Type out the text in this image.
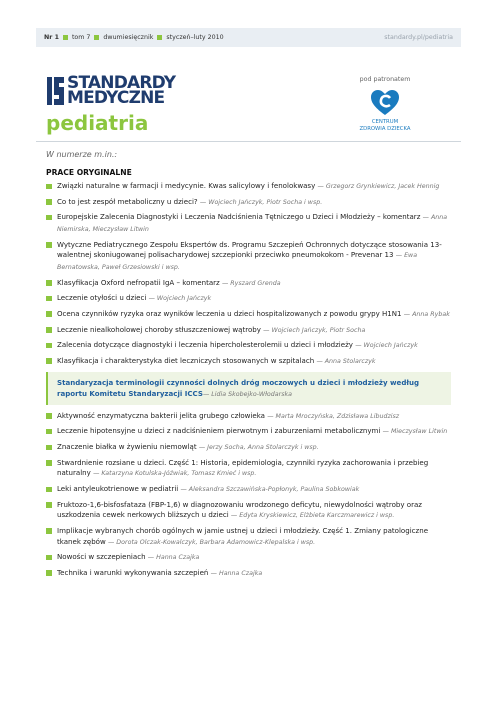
Nr 1 tom 7 dwumiesięcznik styczeń–luty 2010	standardy.pl/pediatria
STANDARDY
MEDYCZNE
pediatria
pod patronatem
CENTRUM
ZDROWIA DZIECKA
W numerze m.in.:
PRACE ORYGINALNE
Związki naturalne w farmacji i medycynie. Kwas salicylowy i fenolokwasy — Grzegorz Grynkiewicz, Jacek Hennig
Co to jest zespół metaboliczny u dzieci? — Wojciech Jańczyk, Piotr Socha i wsp.
Europejskie Zalecenia Diagnostyki i Leczenia Nadciśnienia Tętniczego u Dzieci i Młodzieży – komentarz — Anna Niemirska, Mieczysław Litwin
Wytyczne Pediatrycznego Zespołu Ekspertów ds. Programu Szczepień Ochronnych dotyczące stosowania 13-walentnej skoniugowanej polisacharydowej szczepionki przeciwko pneumokokom - Prevenar 13 — Ewa Bernatowska, Paweł Grzesiowski i wsp.
Klasyfikacja Oxford nefropatii IgA – komentarz — Ryszard Grenda
Leczenie otyłości u dzieci — Wojciech Jańczyk
Ocena czynników ryzyka oraz wyników leczenia u dzieci hospitalizowanych z powodu grypy H1N1 — Anna Rybak
Leczenie niealkoholowej choroby stłuszczeniowej wątroby — Wojciech Jańczyk, Piotr Socha
Zalecenia dotyczące diagnostyki i leczenia hipercholesterolemii u dzieci i młodzieży — Wojciech Jańczyk
Klasyfikacja i charakterystyka diet leczniczych stosowanych w szpitalach — Anna Stolarczyk
Standaryzacja terminologii czynności dolnych dróg moczowych u dzieci i młodzieży według raportu Komitetu Standaryzacji ICCS— Lidia Skobejko-Włodarska
Aktywność enzymatyczna bakterii jelita grubego człowieka — Marta Mroczyńska, Zdzisława Libudzisz
Leczenie hipotensyjne u dzieci z nadciśnieniem pierwotnym i zaburzeniami metabolicznymi — Mieczysław Litwin
Znaczenie białka w żywieniu niemowląt — Jerzy Socha, Anna Stolarczyk i wsp.
Stwardnienie rozsiane u dzieci. Część 1: Historia, epidemiologia, czynniki ryzyka zachorowania i przebieg naturalny — Katarzyna Kotulska-Jóźwiak, Tomasz Kmieć i wsp.
Leki antyleukotrienowe w pediatrii — Aleksandra Szczawińska-Popłonyk, Paulina Sobkowiak
Fruktozo-1,6-bisfosfataza (FBP-1,6) w diagnozowaniu wrodzonego deficytu, niewydolności wątroby oraz uszkodzenia cewek nerkowych bliższych u dzieci — Edyta Kryskiewicz, Elżbieta Karczmarewicz i wsp.
Implikacje wybranych chorób ogólnych w jamie ustnej u dzieci i młodzieży. Część 1. Zmiany patologiczne tkanek zębów — Dorota Olczak-Kowalczyk, Barbara Adamowicz-Klepalska i wsp.
Nowości w szczepieniach — Hanna Czajka
Technika i warunki wykonywania szczepień — Hanna Czajka
